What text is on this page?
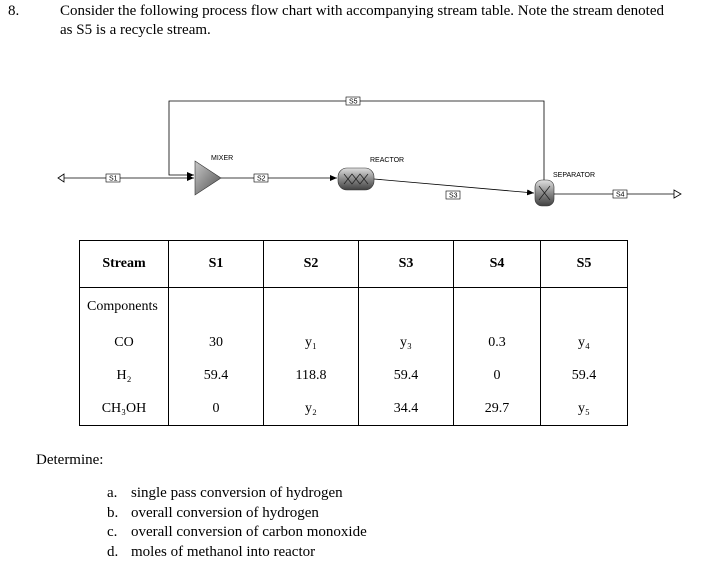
8.	Consider the following process flow chart with accompanying stream table. Note the stream denoted
as S5 is a recycle stream.
S1
MIXER
S2
REACTOR
S3
SEPARATOR
S4
S5
Stream	S1	S2	S3	S4	S5
Components					
CO	30	y₁	y₃	0.3	y₄
H₂	59.4	118.8	59.4	0	59.4
CH₃OH	0	y₂	34.4	29.7	y₅
Determine:
a. single pass conversion of hydrogen
b. overall conversion of hydrogen
c. overall conversion of carbon monoxide
d. moles of methanol into reactor
